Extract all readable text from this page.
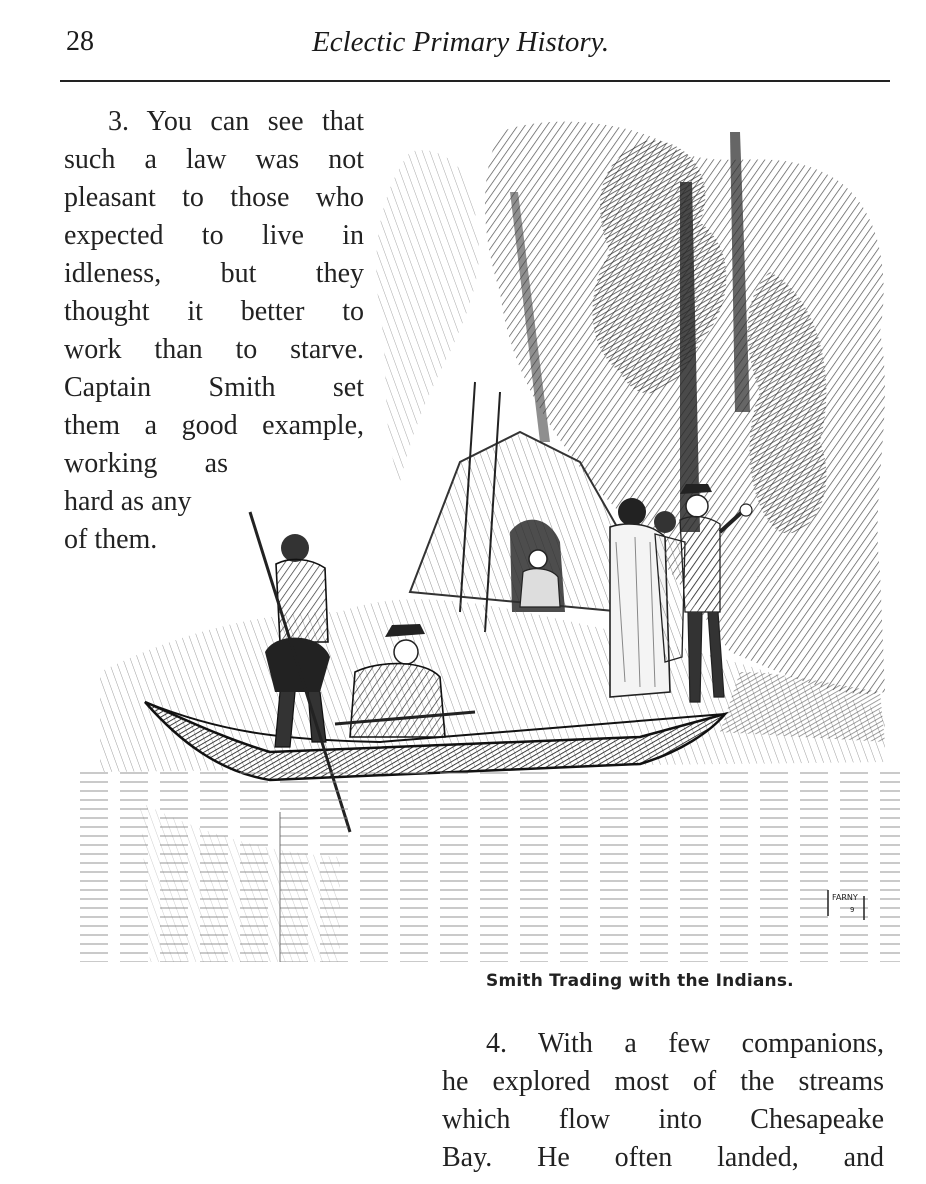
28	Eclectic Primary History.
FARNY
9
3. You can see that
such a law was not
pleasant to those who
expected to live in
idleness, but they
thought it better to
work than to starve.
Captain Smith set
them a good example,
working as
hard as any
of them.
Smith Trading with the Indians.
4. With a few companions,
he explored most of the streams
which flow into Chesapeake
Bay. He often landed, and
